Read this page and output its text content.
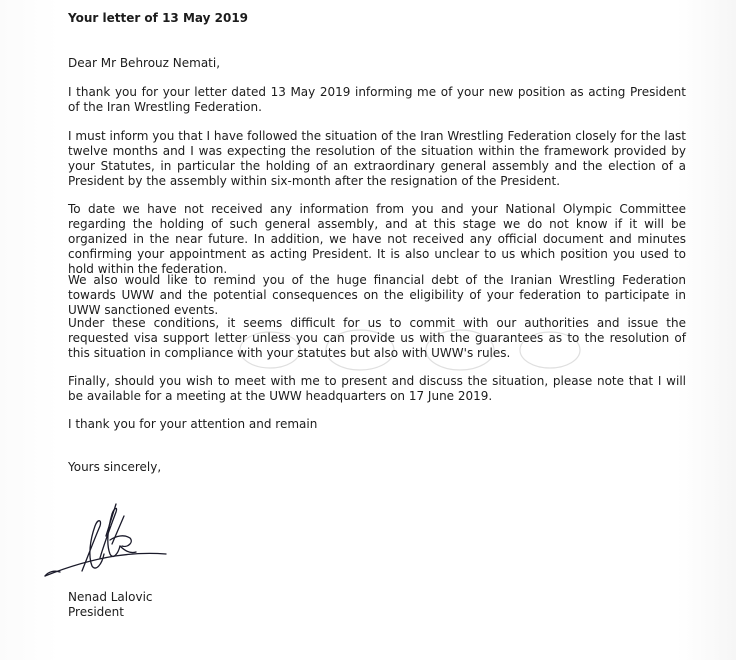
Your letter of 13 May 2019
Dear Mr Behrouz Nemati,
I thank you for your letter dated 13 May 2019 informing me of your new position as acting President of the Iran Wrestling Federation.
I must inform you that I have followed the situation of the Iran Wrestling Federation closely for the last twelve months and I was expecting the resolution of the situation within the framework provided by your Statutes, in particular the holding of an extraordinary general assembly and the election of a President by the assembly within six-month after the resignation of the President.
To date we have not received any information from you and your National Olympic Committee regarding the holding of such general assembly, and at this stage we do not know if it will be organized in the near future. In addition, we have not received any official document and minutes confirming your appointment as acting President. It is also unclear to us which position you used to hold within the federation.
We also would like to remind you of the huge financial debt of the Iranian Wrestling Federation towards UWW and the potential consequences on the eligibility of your federation to participate in UWW sanctioned events.
Under these conditions, it seems difficult for us to commit with our authorities and issue the requested visa support letter unless you can provide us with the guarantees as to the resolution of this situation in compliance with your statutes but also with UWW's rules.
Finally, should you wish to meet with me to present and discuss the situation, please note that I will be available for a meeting at the UWW headquarters on 17 June 2019.
I thank you for your attention and remain
Yours sincerely,
Nenad Lalovic
President
